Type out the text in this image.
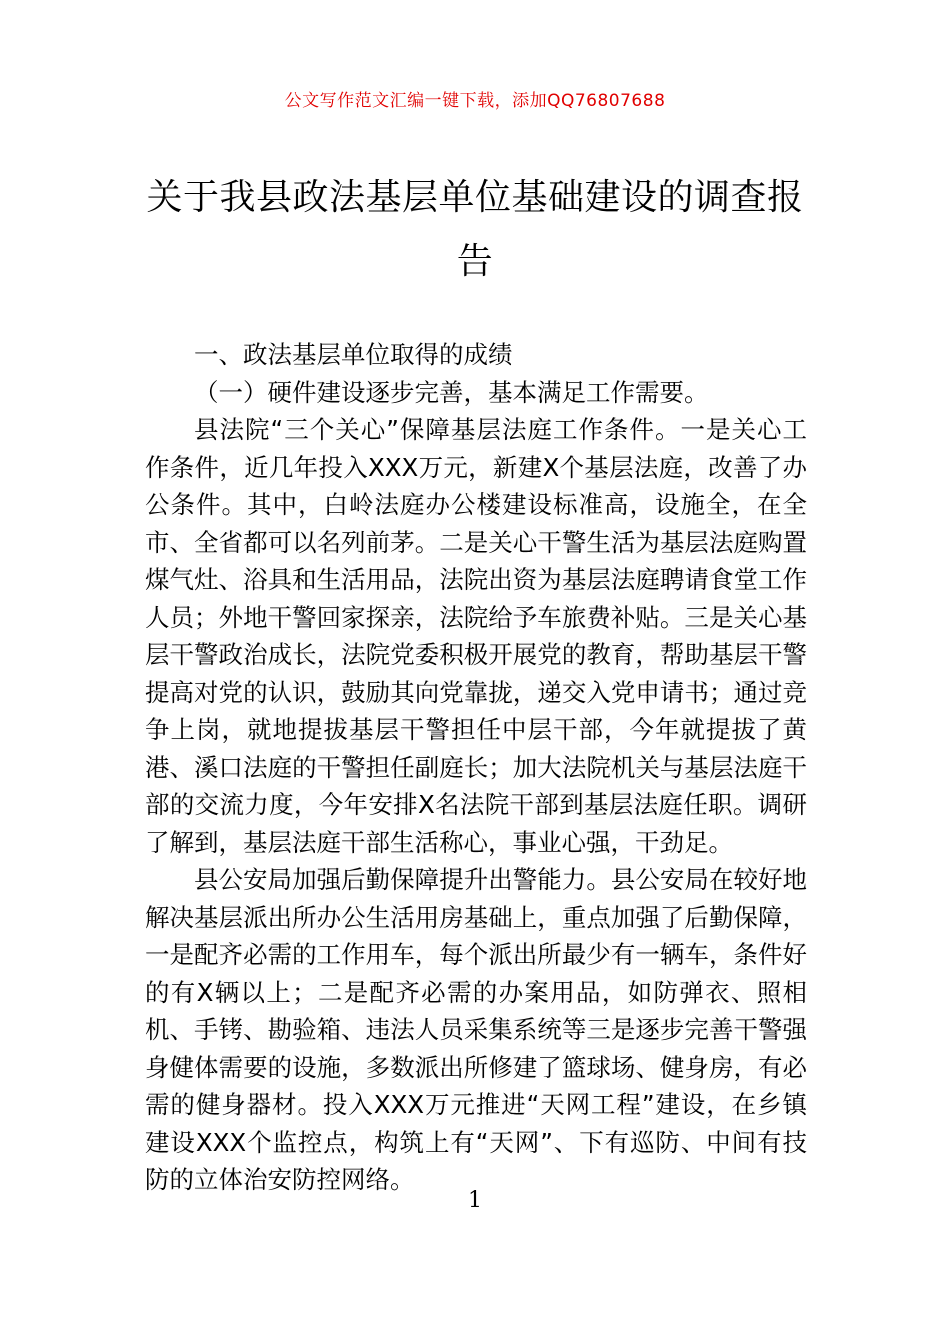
公文写作范文汇编一键下载，添加QQ76807688
关于我县政法基层单位基础建设的调查报告

一、政法基层单位取得的成绩

（一）硬件建设逐步完善，基本满足工作需要。

县法院“三个关心”保障基层法庭工作条件。一是关心工作条件，近几年投入XXX万元，新建X个基层法庭，改善了办公条件。其中，白岭法庭办公楼建设标准高，设施全，在全市、全省都可以名列前茅。二是关心干警生活为基层法庭购置煤气灶、浴具和生活用品，法院出资为基层法庭聘请食堂工作人员；外地干警回家探亲，法院给予车旅费补贴。三是关心基层干警政治成长，法院党委积极开展党的教育，帮助基层干警提高对党的认识，鼓励其向党靠拢，递交入党申请书；通过竞争上岗，就地提拔基层干警担任中层干部，今年就提拔了黄港、溪口法庭的干警担任副庭长；加大法院机关与基层法庭干部的交流力度，今年安排X名法院干部到基层法庭任职。调研了解到，基层法庭干部生活称心，事业心强，干劲足。

县公安局加强后勤保障提升出警能力。县公安局在较好地解决基层派出所办公生活用房基础上，重点加强了后勤保障，一是配齐必需的工作用车，每个派出所最少有一辆车，条件好的有X辆以上；二是配齐必需的办案用品，如防弹衣、照相机、手铐、勘验箱、违法人员采集系统等三是逐步完善干警强身健体需要的设施，多数派出所修建了篮球场、健身房，有必需的健身器材。投入XXX万元推进“天网工程”建设，在乡镇建设XXX个监控点，构筑上有“天网”、下有巡防、中间有技防的立体治安防控网络。

1
